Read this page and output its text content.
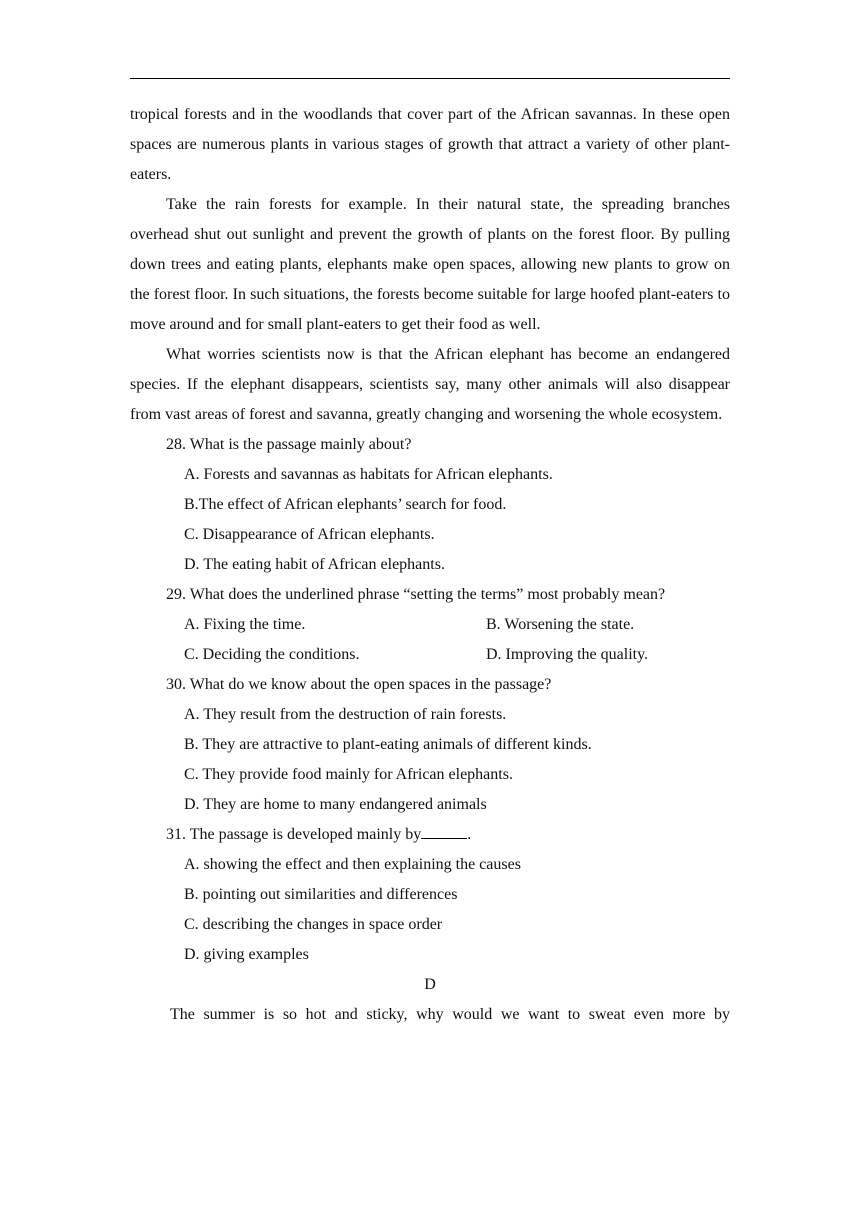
tropical forests and in the woodlands that cover part of the African savannas. In these open spaces are numerous plants in various stages of growth that attract a variety of other plant-eaters.

Take the rain forests for example. In their natural state, the spreading branches overhead shut out sunlight and prevent the growth of plants on the forest floor. By pulling down trees and eating plants, elephants make open spaces, allowing new plants to grow on the forest floor. In such situations, the forests become suitable for large hoofed plant-eaters to move around and for small plant-eaters to get their food as well.

What worries scientists now is that the African elephant has become an endangered species. If the elephant disappears, scientists say, many other animals will also disappear from vast areas of forest and savanna, greatly changing and worsening the whole ecosystem.

28. What is the passage mainly about?

A. Forests and savannas as habitats for African elephants.

B.The effect of African elephants’ search for food.

C. Disappearance of African elephants.

D. The eating habit of African elephants.

29. What does the underlined phrase “setting the terms” most probably mean?

A. Fixing the time.	B. Worsening the state.
C. Deciding the conditions.	D. Improving the quality.

30. What do we know about the open spaces in the passage?

A. They result from the destruction of rain forests.

B. They are attractive to plant-eating animals of different kinds.

C. They provide food mainly for African elephants.

D. They are home to many endangered animals

31. The passage is developed mainly by	.

A. showing the effect and then explaining the causes

B. pointing out similarities and differences

C. describing the changes in space order

D. giving examples

D

The summer is so hot and sticky, why would we want to sweat even more by
